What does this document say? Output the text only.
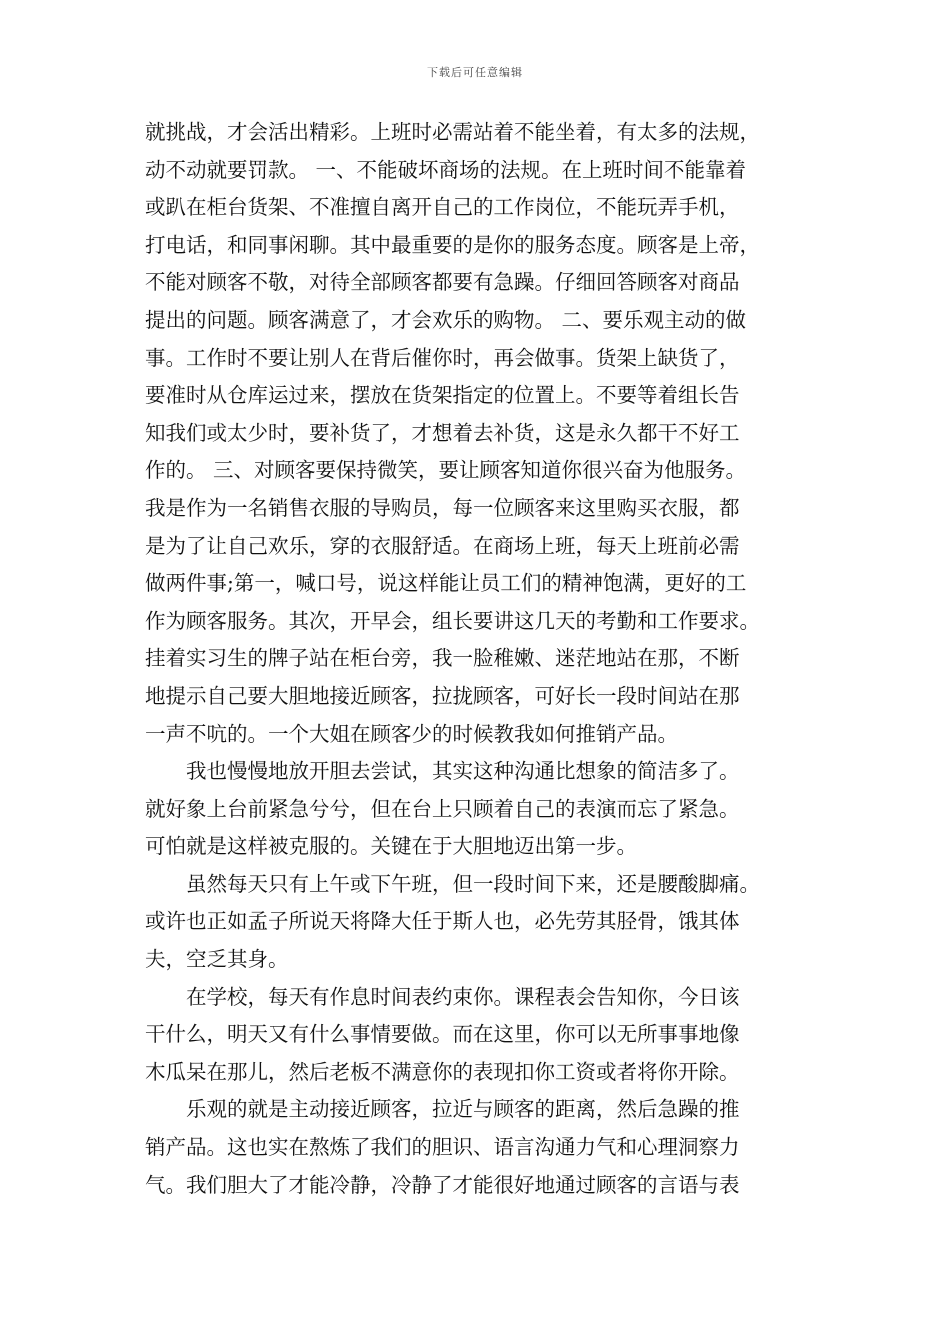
下载后可任意编辑
就挑战，才会活出精彩。上班时必需站着不能坐着，有太多的法规，
动不动就要罚款。 一、不能破坏商场的法规。在上班时间不能靠着
或趴在柜台货架、不准擅自离开自己的工作岗位，不能玩弄手机，
打电话，和同事闲聊。其中最重要的是你的服务态度。顾客是上帝，
不能对顾客不敬，对待全部顾客都要有急躁。仔细回答顾客对商品
提出的问题。顾客满意了，才会欢乐的购物。 二、要乐观主动的做
事。工作时不要让别人在背后催你时，再会做事。货架上缺货了，
要准时从仓库运过来，摆放在货架指定的位置上。不要等着组长告
知我们或太少时，要补货了，才想着去补货，这是永久都干不好工
作的。 三、对顾客要保持微笑，要让顾客知道你很兴奋为他服务。
我是作为一名销售衣服的导购员，每一位顾客来这里购买衣服，都
是为了让自己欢乐，穿的衣服舒适。在商场上班，每天上班前必需
做两件事;第一，喊口号，说这样能让员工们的精神饱满，更好的工
作为顾客服务。其次，开早会，组长要讲这几天的考勤和工作要求。
挂着实习生的牌子站在柜台旁，我一脸稚嫩、迷茫地站在那，不断
地提示自己要大胆地接近顾客，拉拢顾客，可好长一段时间站在那
一声不吭的。一个大姐在顾客少的时候教我如何推销产品。
我也慢慢地放开胆去尝试，其实这种沟通比想象的简洁多了。
就好象上台前紧急兮兮，但在台上只顾着自己的表演而忘了紧急。
可怕就是这样被克服的。关键在于大胆地迈出第一步。
虽然每天只有上午或下午班，但一段时间下来，还是腰酸脚痛。
或许也正如孟子所说天将降大任于斯人也，必先劳其胫骨，饿其体
夫，空乏其身。
在学校，每天有作息时间表约束你。课程表会告知你，今日该
干什么，明天又有什么事情要做。而在这里，你可以无所事事地像
木瓜呆在那儿，然后老板不满意你的表现扣你工资或者将你开除。
乐观的就是主动接近顾客，拉近与顾客的距离，然后急躁的推
销产品。这也实在熬炼了我们的胆识、语言沟通力气和心理洞察力
气。我们胆大了才能冷静，冷静了才能很好地通过顾客的言语与表
